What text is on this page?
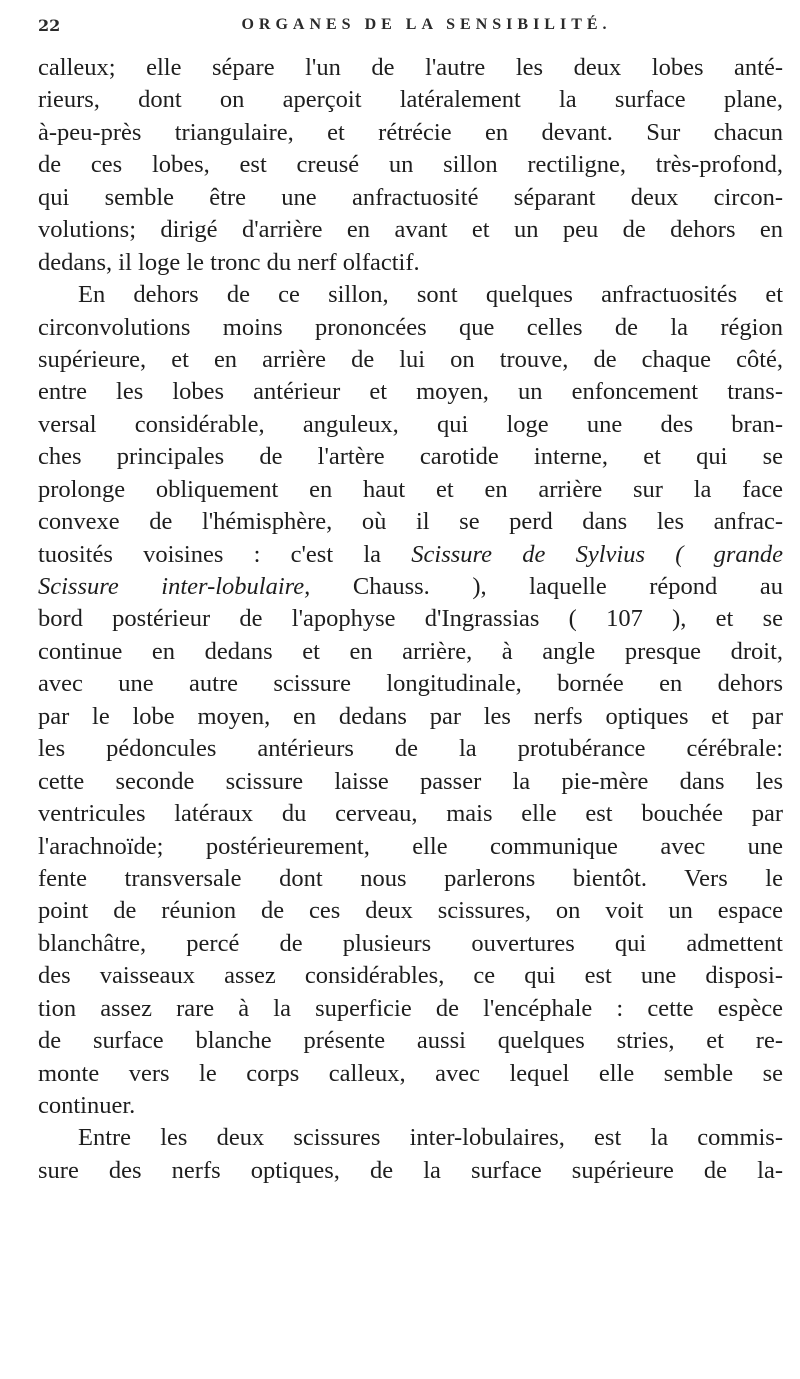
22	ORGANES DE LA SENSIBILITÉ.
calleux; elle sépare l'un de l'autre les deux lobes anté-
rieurs, dont on aperçoit latéralement la surface plane,
à-peu-près triangulaire, et rétrécie en devant. Sur chacun
de ces lobes, est creusé un sillon rectiligne, très-profond,
qui semble être une anfractuosité séparant deux circon-
volutions; dirigé d'arrière en avant et un peu de dehors en
dedans, il loge le tronc du nerf olfactif.
En dehors de ce sillon, sont quelques anfractuosités et
circonvolutions moins prononcées que celles de la région
supérieure, et en arrière de lui on trouve, de chaque côté,
entre les lobes antérieur et moyen, un enfoncement trans-
versal considérable, anguleux, qui loge une des bran-
ches principales de l'artère carotide interne, et qui se
prolonge obliquement en haut et en arrière sur la face
convexe de l'hémisphère, où il se perd dans les anfrac-
tuosités voisines : c'est la Scissure de Sylvius ( grande
Scissure inter-lobulaire, Chauss. ), laquelle répond au
bord postérieur de l'apophyse d'Ingrassias ( 107 ), et se
continue en dedans et en arrière, à angle presque droit,
avec une autre scissure longitudinale, bornée en dehors
par le lobe moyen, en dedans par les nerfs optiques et par
les pédoncules antérieurs de la protubérance cérébrale:
cette seconde scissure laisse passer la pie-mère dans les
ventricules latéraux du cerveau, mais elle est bouchée par
l'arachnoïde; postérieurement, elle communique avec une
fente transversale dont nous parlerons bientôt. Vers le
point de réunion de ces deux scissures, on voit un espace
blanchâtre, percé de plusieurs ouvertures qui admettent
des vaisseaux assez considérables, ce qui est une disposi-
tion assez rare à la superficie de l'encéphale : cette espèce
de surface blanche présente aussi quelques stries, et re-
monte vers le corps calleux, avec lequel elle semble se
continuer.
Entre les deux scissures inter-lobulaires, est la commis-
sure des nerfs optiques, de la surface supérieure de la-
